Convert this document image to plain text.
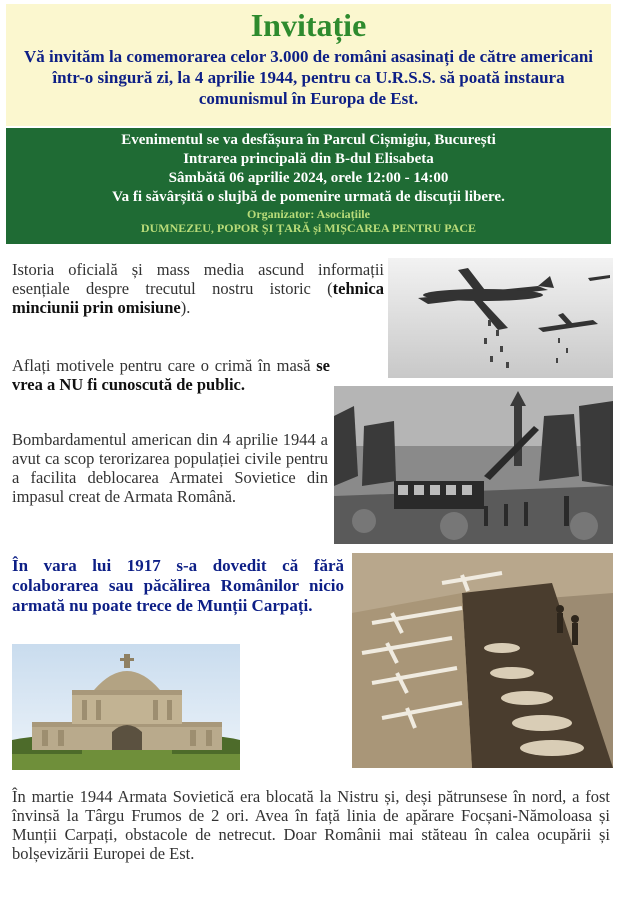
Invitație
Vă invităm la comemorarea celor 3.000 de români asasinați de către americani într-o singură zi, la 4 aprilie 1944, pentru ca U.R.S.S. să poată instaura comunismul în Europa de Est.
Evenimentul se va desfășura în Parcul Cișmigiu, București
Intrarea principală din B-dul Elisabeta
Sâmbătă 06 aprilie 2024, orele 12:00 - 14:00
Va fi săvârșită o slujbă de pomenire urmată de discuții libere.
Organizator: Asociațiile
DUMNEZEU, POPOR ȘI ȚARĂ și MIȘCAREA PENTRU PACE
Istoria oficială și mass media ascund informații esențiale despre trecutul nostru istoric (tehnica minciunii prin omisiune).
Aflați motivele pentru care o crimă în masă se vrea a NU fi cunoscută de public.
Bombardamentul american din 4 aprilie 1944 a avut ca scop terorizarea populației civile pentru a facilita deblocarea Armatei Sovietice din impasul creat de Armata Română.
În vara lui 1917 s-a dovedit că fără colaborarea sau păcălirea Românilor nicio armată nu poate trece de Munții Carpați.
În martie 1944 Armata Sovietică era blocată la Nistru și, deși pătrunsese în nord, a fost învinsă la Târgu Frumos de 2 ori. Avea în față linia de apărare Focșani-Nămoloasa și Munții Carpați, obstacole de netrecut. Doar Românii mai stăteau în calea ocupării și bolșevizării Europei de Est.
